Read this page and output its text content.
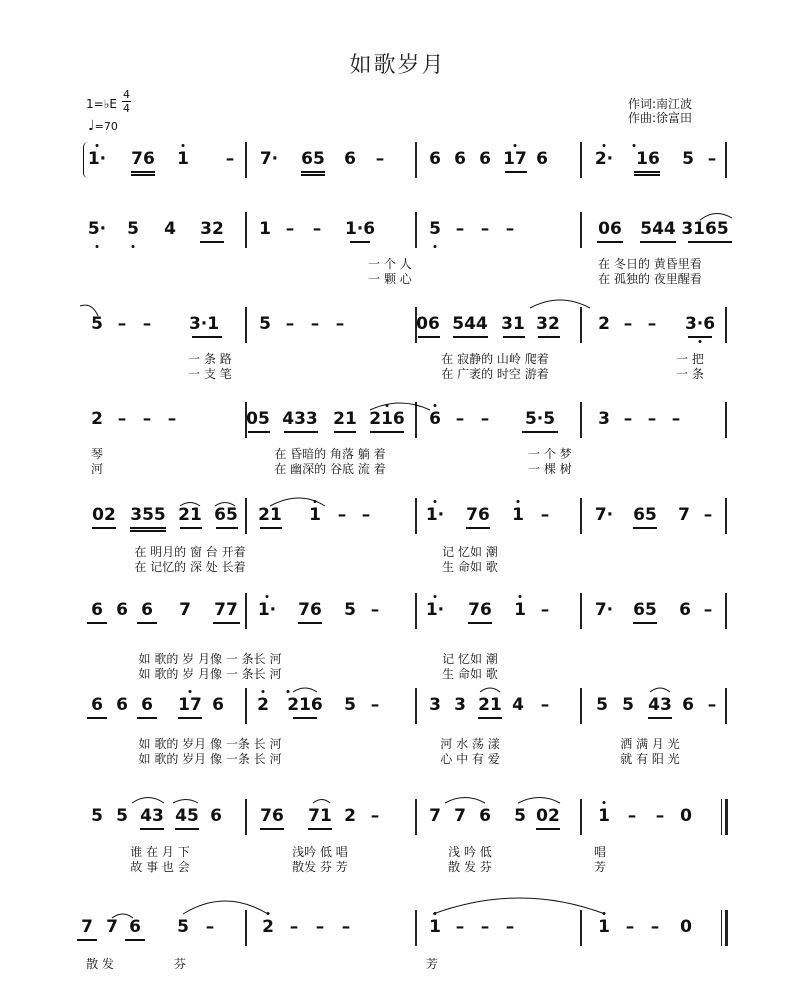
如歌岁月
1=♭E
4
4
♩=70
作词:南江波
作曲:徐富田
1· 76 1 – 7· 65 6 –	6 6 6 17 6	2· 16 5 –
5· 5 4 32 1 – – 1·6	5 – – –	06 544 3165
一 个 人
一 颗 心
在 冬日的 黄昏里看
在 孤独的 夜里醒看
5 – – 3·1 5 – – –	06 544 31 32 2 – – 3·6
一 条 路
一 支 笔
在 寂静的 山岭 爬着
在 广袤的 时空 游着
一 把
一 条
2 – – –	05 433 21 216 6 – – 5·5	3 – – –
琴
河
在 昏暗的 角落 躺 着
在 幽深的 谷底 流 着
一 个 梦
一 棵 树
02 355 21 65 21 1 – –	1· 76 1 –	7· 65 7 –
在 明月的 窗 台 开着
在 记忆的 深 处 长着
记 忆如 潮
生 命如 歌
6 6 6 7 77 1· 76 5 –	1· 76 1 –	7· 65 6 –
如 歌的 岁 月像 一 条长 河
如 歌的 岁 月像 一 条长 河
记 忆如 潮
生 命如 歌
6 6 6 17 6 2 216 5 –	3 3 21 4 –	5 5 43 6 –
如 歌的 岁月 像 一条 长 河
如 歌的 岁月 像 一条 长 河
河 水 荡 漾
心 中 有 爱
洒 满 月 光
就 有 阳 光
5 5 43 45 6 76 71 2 –	7 7 6 5 02 1 – – 0
谁 在 月 下
故 事 也 会
浅吟 低 唱
散发 芬 芳
浅 吟 低
散 发 芬
唱
芳
7 7 6 5 –	2 – – –	1 – – –	1 – – 0
散 发	芬	芳
